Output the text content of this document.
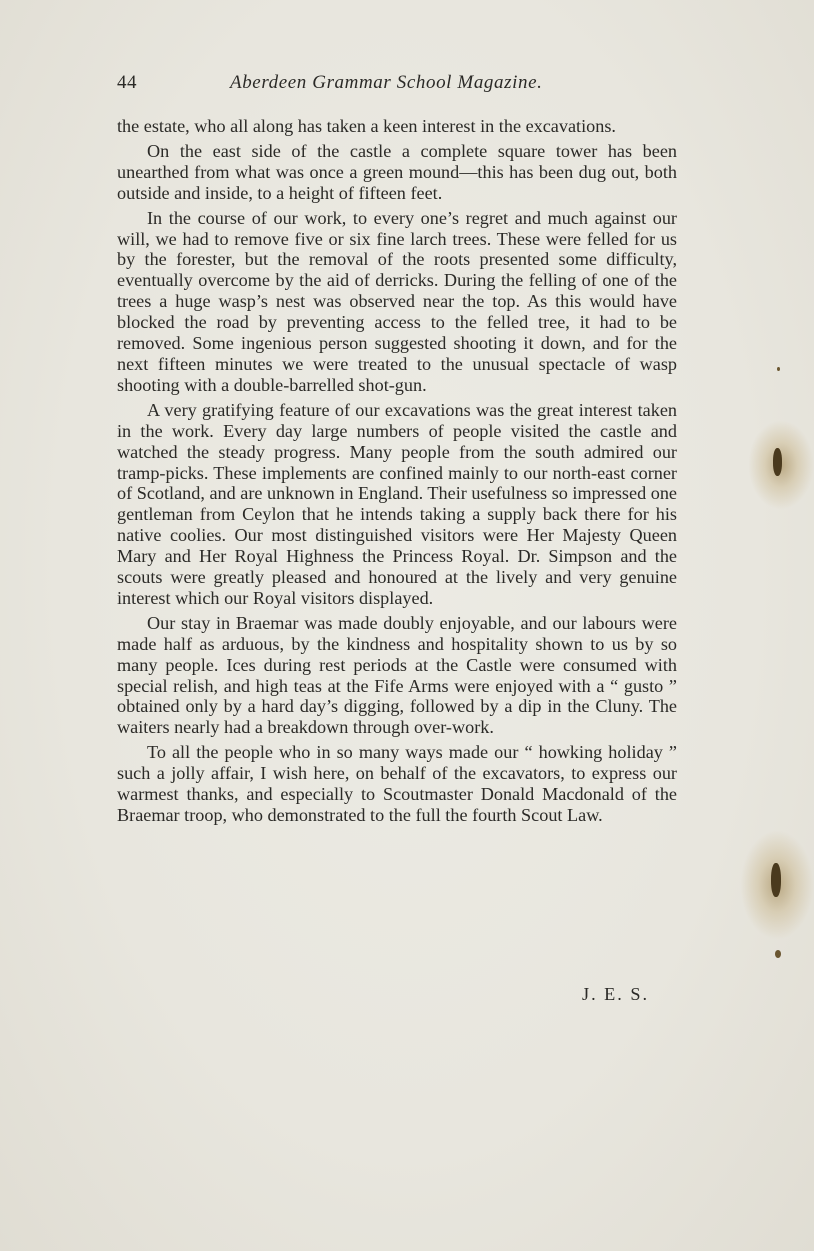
44	Aberdeen Grammar School Magazine.

the estate, who all along has taken a keen interest in the excavations.

On the east side of the castle a complete square tower has been unearthed from what was once a green mound—this has been dug out, both outside and inside, to a height of fifteen feet.

In the course of our work, to every one’s regret and much against our will, we had to remove five or six fine larch trees. These were felled for us by the forester, but the removal of the roots presented some difficulty, eventually overcome by the aid of derricks. During the felling of one of the trees a huge wasp’s nest was observed near the top. As this would have blocked the road by preventing access to the felled tree, it had to be removed. Some ingenious person suggested shooting it down, and for the next fifteen minutes we were treated to the unusual spectacle of wasp shooting with a double-barrelled shot-gun.

A very gratifying feature of our excavations was the great interest taken in the work. Every day large numbers of people visited the castle and watched the steady progress. Many people from the south admired our tramp-picks. These implements are confined mainly to our north-east corner of Scotland, and are unknown in England. Their usefulness so impressed one gentleman from Ceylon that he intends taking a supply back there for his native coolies. Our most distinguished visitors were Her Majesty Queen Mary and Her Royal Highness the Princess Royal. Dr. Simpson and the scouts were greatly pleased and honoured at the lively and very genuine interest which our Royal visitors displayed.

Our stay in Braemar was made doubly enjoyable, and our labours were made half as arduous, by the kindness and hospitality shown to us by so many people. Ices during rest periods at the Castle were consumed with special relish, and high teas at the Fife Arms were enjoyed with a “ gusto ” obtained only by a hard day’s digging, followed by a dip in the Cluny. The waiters nearly had a breakdown through over-work.

To all the people who in so many ways made our “ howking holiday ” such a jolly affair, I wish here, on behalf of the excavators, to express our warmest thanks, and especially to Scoutmaster Donald Macdonald of the Braemar troop, who demonstrated to the full the fourth Scout Law.

J. E. S.
